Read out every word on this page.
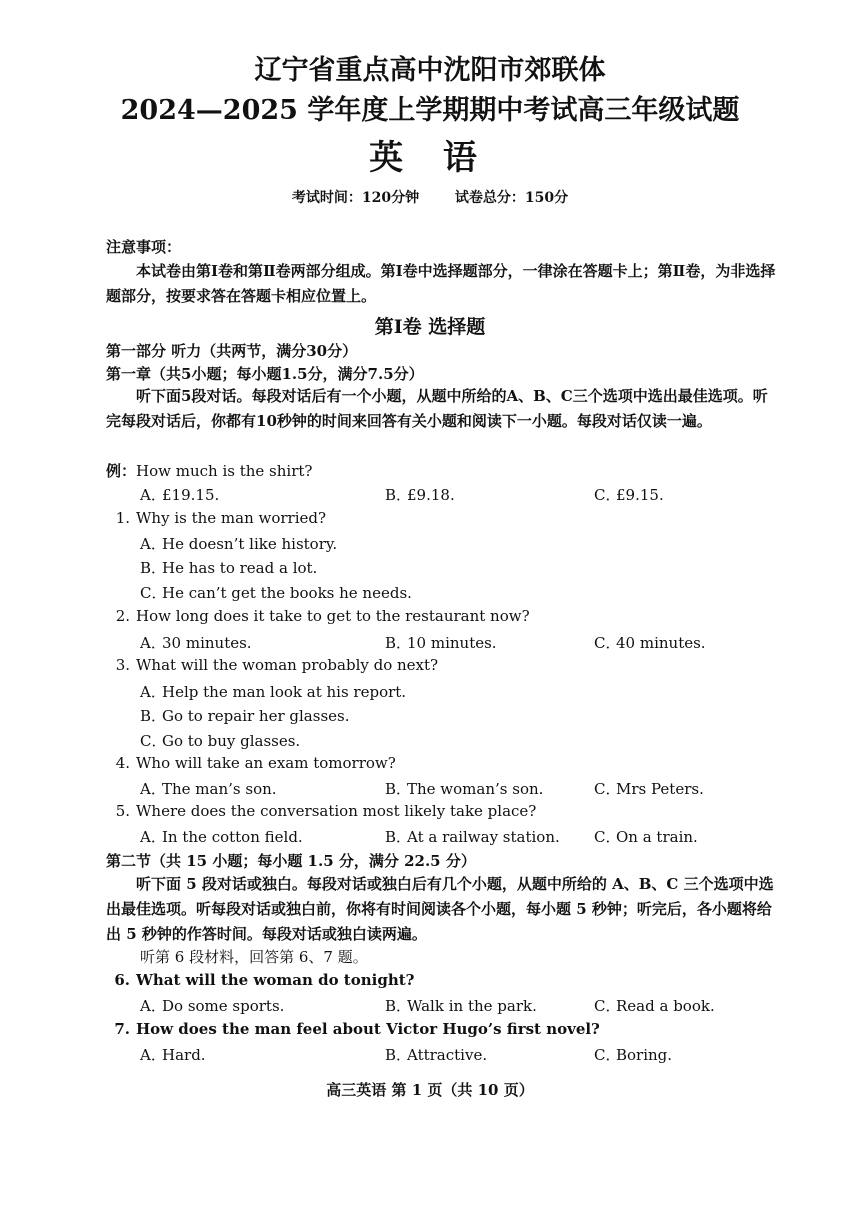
辽宁省重点高中沈阳市郊联体
2024—2025 学年度上学期期中考试高三年级试题
英 语
考试时间：120分钟	试卷总分：150分
注意事项：
本试卷由第Ⅰ卷和第Ⅱ卷两部分组成。第Ⅰ卷中选择题部分，一律涂在答题卡上；第Ⅱ卷，为非选择题部分，按要求答在答题卡相应位置上。
第Ⅰ卷 选择题
第一部分 听力（共两节，满分30分）
第一章（共5小题；每小题1.5分，满分7.5分）
听下面5段对话。每段对话后有一个小题，从题中所给的A、B、C三个选项中选出最佳选项。听完每段对话后，你都有10秒钟的时间来回答有关小题和阅读下一小题。每段对话仅读一遍。
例：How much is the shirt?
A．£19.15.	B．£9.18.	C．£9.15.
1. Why is the man worried?
A．He doesn’t like history.
B．He has to read a lot.
C．He can’t get the books he needs.
2. How long does it take to get to the restaurant now?
A．30 minutes.	B．10 minutes.	C．40 minutes.
3. What will the woman probably do next?
A．Help the man look at his report.
B．Go to repair her glasses.
C．Go to buy glasses.
4. Who will take an exam tomorrow?
A．The man’s son.	B．The woman’s son.	C．Mrs Peters.
5. Where does the conversation most likely take place?
A．In the cotton field.	B．At a railway station. C．On a train.
第二节（共 15 小题；每小题 1.5 分，满分 22.5 分）
听下面 5 段对话或独白。每段对话或独白后有几个小题，从题中所给的 A、B、C 三个选项中选出最佳选项。听每段对话或独白前，你将有时间阅读各个小题，每小题 5 秒钟；听完后，各小题将给出 5 秒钟的作答时间。每段对话或独白读两遍。
听第 6 段材料，回答第 6、7 题。
6. What will the woman do tonight?
A．Do some sports.	B．Walk in the park.	C．Read a book.
7. How does the man feel about Victor Hugo’s first novel?
A．Hard.	B．Attractive.	C．Boring.
高三英语 第 1 页（共 10 页）
